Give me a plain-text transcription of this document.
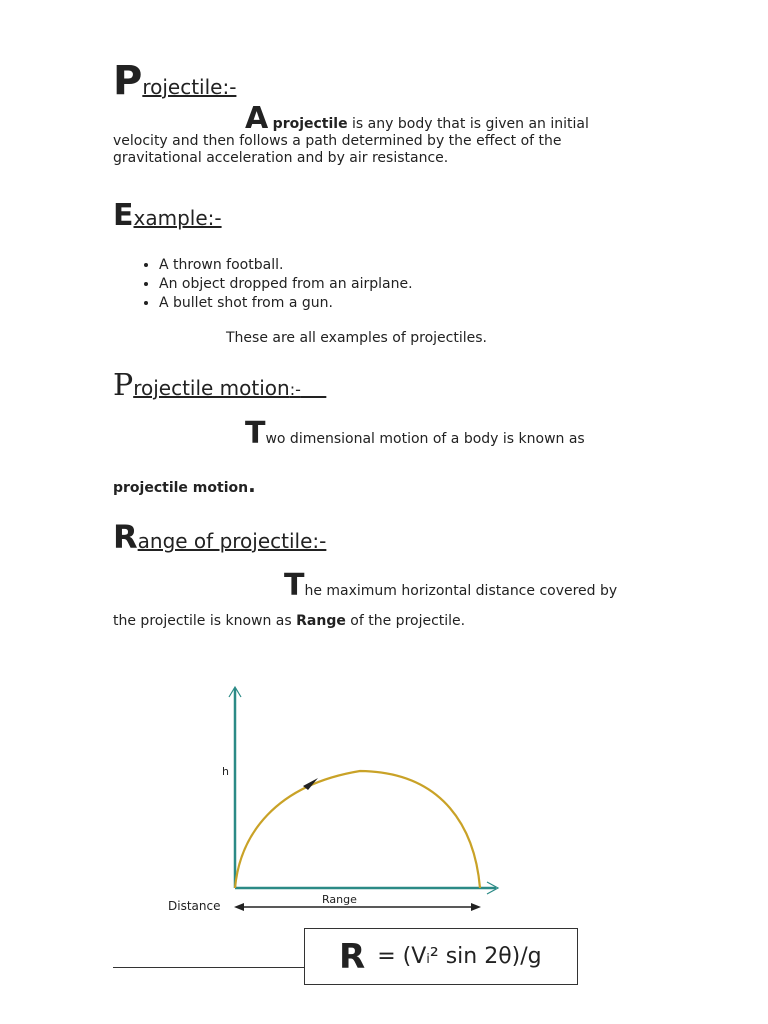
Projectile:-
A projectile is any body that is given an initial
velocity and then follows a path determined by the effect of the
gravitational acceleration and by air resistance.
Example:-
• A thrown football.
• An object dropped from an airplane.
• A bullet shot from a gun.
These are all examples of projectiles.
Projectile motion:-
Two dimensional motion of a body is known as
projectile motion.
Range of projectile:-
The maximum horizontal distance covered by
the projectile is known as Range of the projectile.
h
Distance	Range
R = (V i ² sin 2θ)/g
